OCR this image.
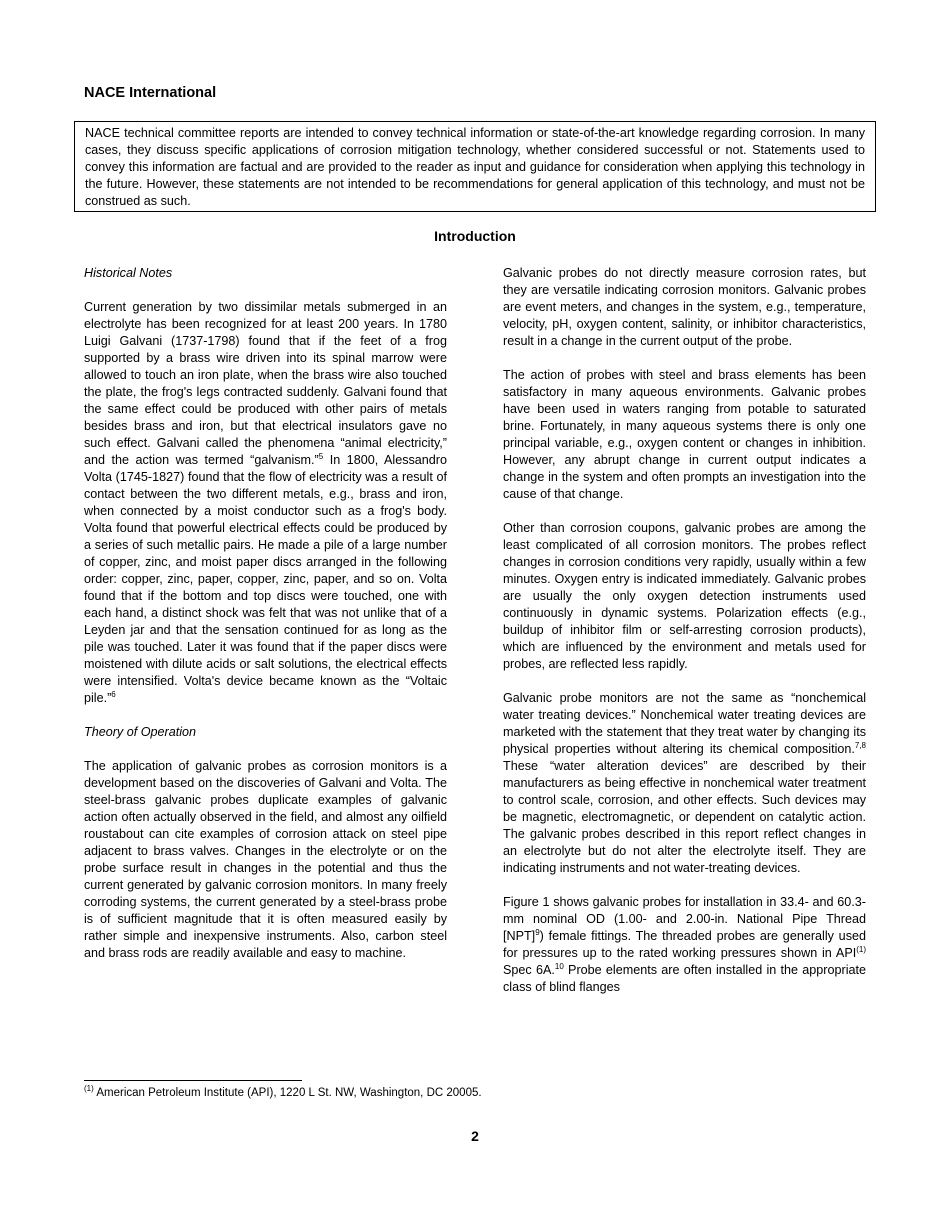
NACE International
NACE technical committee reports are intended to convey technical information or state-of-the-art knowledge regarding corrosion. In many cases, they discuss specific applications of corrosion mitigation technology, whether considered successful or not. Statements used to convey this information are factual and are provided to the reader as input and guidance for consideration when applying this technology in the future. However, these statements are not intended to be recommendations for general application of this technology, and must not be construed as such.
Introduction

Historical Notes

Current generation by two dissimilar metals submerged in an electrolyte has been recognized for at least 200 years. In 1780 Luigi Galvani (1737-1798) found that if the feet of a frog supported by a brass wire driven into its spinal marrow were allowed to touch an iron plate, when the brass wire also touched the plate, the frog's legs contracted suddenly. Galvani found that the same effect could be produced with other pairs of metals besides brass and iron, but that electrical insulators gave no such effect. Galvani called the phenomena “animal electricity,” and the action was termed “galvanism.”$^5$ In 1800, Alessandro Volta (1745-1827) found that the flow of electricity was a result of contact between the two different metals, e.g., brass and iron, when connected by a moist conductor such as a frog's body. Volta found that powerful electrical effects could be produced by a series of such metallic pairs. He made a pile of a large number of copper, zinc, and moist paper discs arranged in the following order: copper, zinc, paper, copper, zinc, paper, and so on. Volta found that if the bottom and top discs were touched, one with each hand, a distinct shock was felt that was not unlike that of a Leyden jar and that the sensation continued for as long as the pile was touched. Later it was found that if the paper discs were moistened with dilute acids or salt solutions, the electrical effects were intensified. Volta's device became known as the “Voltaic pile.”$^6$

Theory of Operation

The application of galvanic probes as corrosion monitors is a development based on the discoveries of Galvani and Volta. The steel-brass galvanic probes duplicate examples of galvanic action often actually observed in the field, and almost any oilfield roustabout can cite examples of corrosion attack on steel pipe adjacent to brass valves. Changes in the electrolyte or on the probe surface result in changes in the potential and thus the current generated by galvanic corrosion monitors. In many freely corroding systems, the current generated by a steel-brass probe is of sufficient magnitude that it is often measured easily by rather simple and inexpensive instruments. Also, carbon steel and brass rods are readily available and easy to machine.

Galvanic probes do not directly measure corrosion rates, but they are versatile indicating corrosion monitors. Galvanic probes are event meters, and changes in the system, e.g., temperature, velocity, pH, oxygen content, salinity, or inhibitor characteristics, result in a change in the current output of the probe.

The action of probes with steel and brass elements has been satisfactory in many aqueous environments. Galvanic probes have been used in waters ranging from potable to saturated brine. Fortunately, in many aqueous systems there is only one principal variable, e.g., oxygen content or changes in inhibition. However, any abrupt change in current output indicates a change in the system and often prompts an investigation into the cause of that change.

Other than corrosion coupons, galvanic probes are among the least complicated of all corrosion monitors. The probes reflect changes in corrosion conditions very rapidly, usually within a few minutes. Oxygen entry is indicated immediately. Galvanic probes are usually the only oxygen detection instruments used continuously in dynamic systems. Polarization effects (e.g., buildup of inhibitor film or self-arresting corrosion products), which are influenced by the environment and metals used for probes, are reflected less rapidly.

Galvanic probe monitors are not the same as “nonchemical water treating devices.” Nonchemical water treating devices are marketed with the statement that they treat water by changing its physical properties without altering its chemical composition.$^{7,8}$ These “water alteration devices” are described by their manufacturers as being effective in nonchemical water treatment to control scale, corrosion, and other effects. Such devices may be magnetic, electromagnetic, or dependent on catalytic action. The galvanic probes described in this report reflect changes in an electrolyte but do not alter the electrolyte itself. They are indicating instruments and not water-treating devices.

Figure 1 shows galvanic probes for installation in 33.4- and 60.3-mm nominal OD (1.00- and 2.00-in. National Pipe Thread [NPT]$^9$) female fittings. The threaded probes are generally used for pressures up to the rated working pressures shown in API$^{(1)}$ Spec 6A.$^{10}$ Probe elements are often installed in the appropriate class of blind flanges

$^{(1)}$ American Petroleum Institute (API), 1220 L St. NW, Washington, DC 20005.
2
